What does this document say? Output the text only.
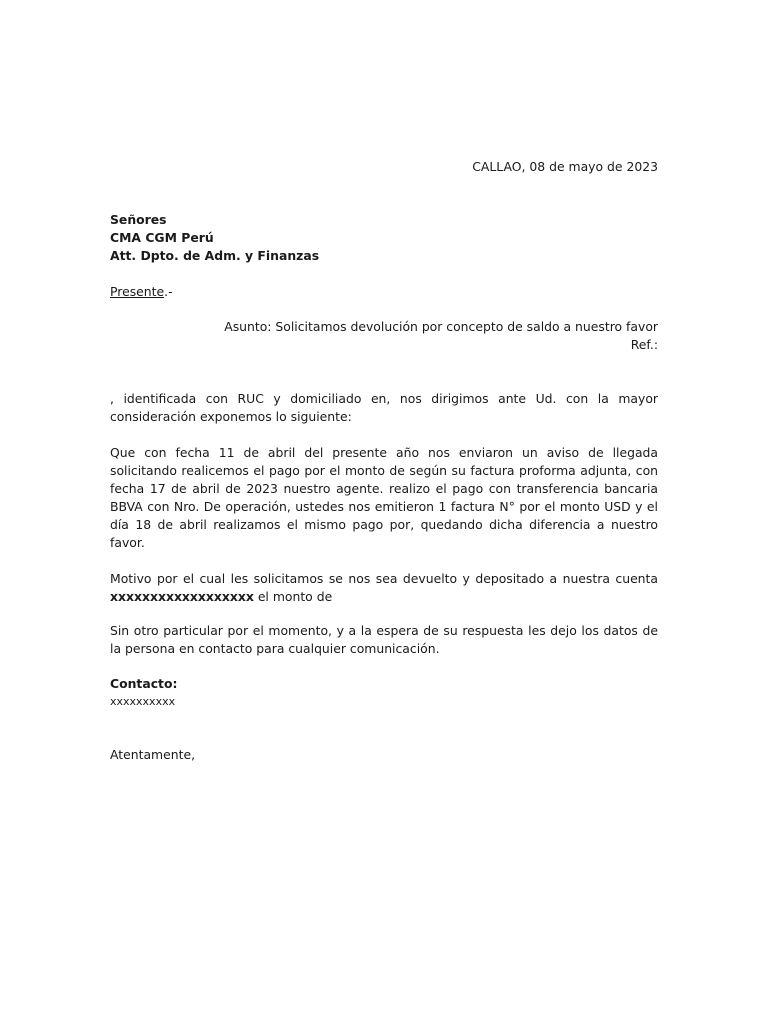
CALLAO, 08 de mayo de 2023
Señores
CMA CGM Perú
Att. Dpto. de Adm. y Finanzas
Presente.-
Asunto: Solicitamos devolución por concepto de saldo a nuestro favor
Ref.:
, identificada con RUC y domiciliado en, nos dirigimos ante Ud. con la mayor consideración exponemos lo siguiente:
Que con fecha 11 de abril del presente año nos enviaron un aviso de llegada solicitando realicemos el pago por el monto de según su factura proforma adjunta, con fecha 17 de abril de 2023 nuestro agente. realizo el pago con transferencia bancaria BBVA con Nro. De operación, ustedes nos emitieron 1 factura N° por el monto USD y el día 18 de abril realizamos el mismo pago por, quedando dicha diferencia a nuestro favor.
Motivo por el cual les solicitamos se nos sea devuelto y depositado a nuestra cuenta xxxxxxxxxxxxxxxxxx el monto de
Sin otro particular por el momento, y a la espera de su respuesta les dejo los datos de la persona en contacto para cualquier comunicación.
Contacto:
xxxxxxxxxx
Atentamente,
